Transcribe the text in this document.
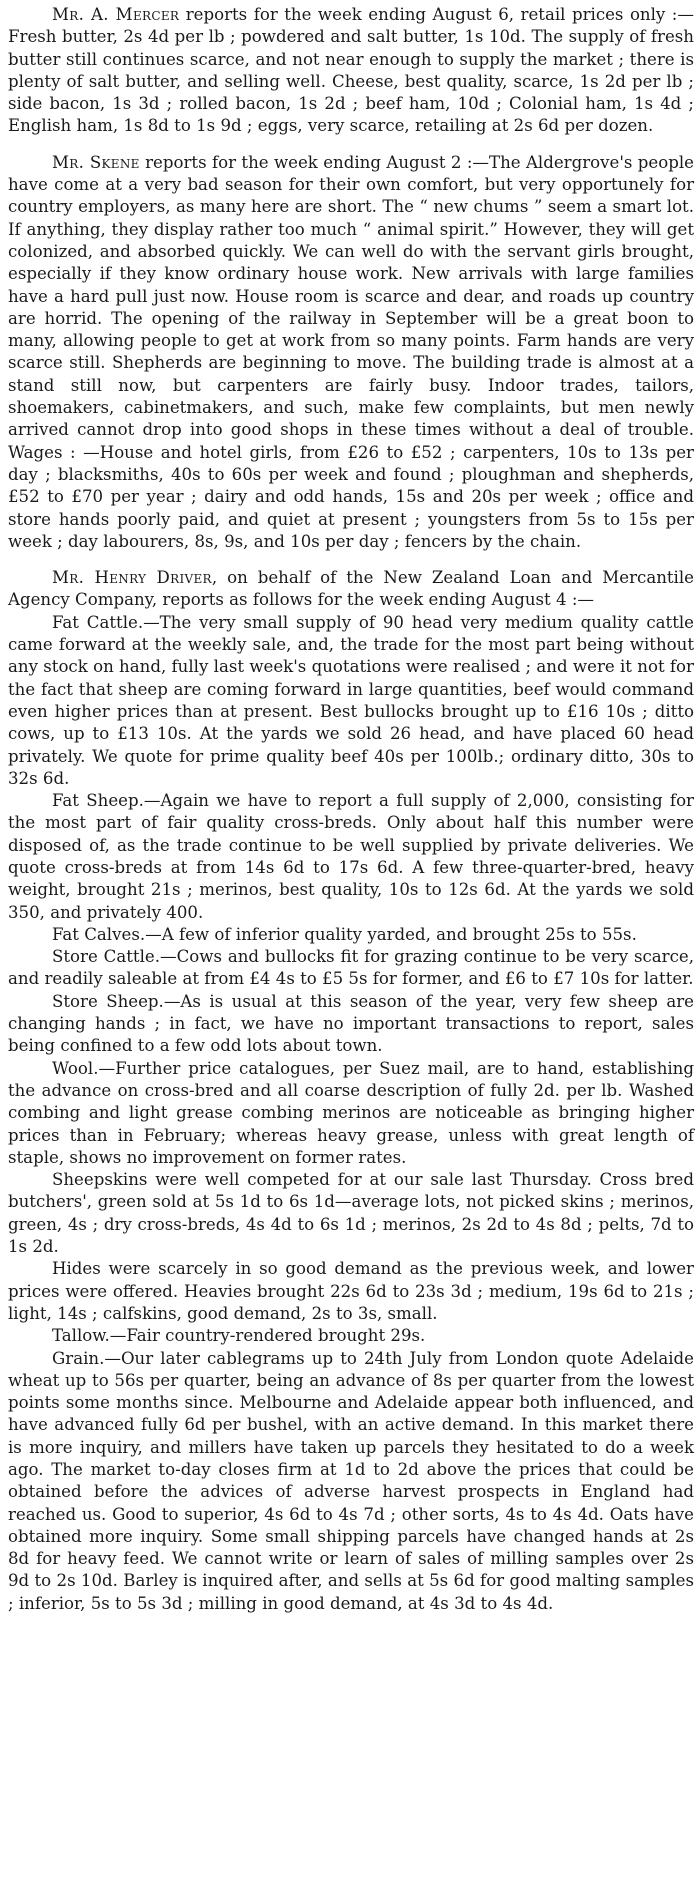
Mr. A. Mercer reports for the week ending August 6, retail prices only :—Fresh butter, 2s 4d per lb ; powdered and salt butter, 1s 10d. The supply of fresh butter still continues scarce, and not near enough to supply the market ; there is plenty of salt butter, and selling well. Cheese, best quality, scarce, 1s 2d per lb ; side bacon, 1s 3d ; rolled bacon, 1s 2d ; beef ham, 10d ; Colonial ham, 1s 4d ; English ham, 1s 8d to 1s 9d ; eggs, very scarce, retailing at 2s 6d per dozen.

Mr. Skene reports for the week ending August 2 :—The Aldergrove's people have come at a very bad season for their own comfort, but very opportunely for country employers, as many here are short. The “ new chums ” seem a smart lot. If anything, they display rather too much “ animal spirit.” However, they will get colonized, and absorbed quickly. We can well do with the servant girls brought, especially if they know ordinary house work. New arrivals with large families have a hard pull just now. House room is scarce and dear, and roads up country are horrid. The opening of the railway in September will be a great boon to many, allowing people to get at work from so many points. Farm hands are very scarce still. Shepherds are beginning to move. The building trade is almost at a stand still now, but carpenters are fairly busy. Indoor trades, tailors, shoemakers, cabinetmakers, and such, make few complaints, but men newly arrived cannot drop into good shops in these times without a deal of trouble. Wages : —House and hotel girls, from £26 to £52 ; carpenters, 10s to 13s per day ; blacksmiths, 40s to 60s per week and found ; ploughman and shepherds, £52 to £70 per year ; dairy and odd hands, 15s and 20s per week ; office and store hands poorly paid, and quiet at present ; youngsters from 5s to 15s per week ; day labourers, 8s, 9s, and 10s per day ; fencers by the chain.

Mr. Henry Driver, on behalf of the New Zealand Loan and Mercantile Agency Company, reports as follows for the week ending August 4 :—

Fat Cattle.—The very small supply of 90 head very medium quality cattle came forward at the weekly sale, and, the trade for the most part being without any stock on hand, fully last week's quotations were realised ; and were it not for the fact that sheep are coming forward in large quantities, beef would command even higher prices than at present. Best bullocks brought up to £16 10s ; ditto cows, up to £13 10s. At the yards we sold 26 head, and have placed 60 head privately. We quote for prime quality beef 40s per 100lb.; ordinary ditto, 30s to 32s 6d.

Fat Sheep.—Again we have to report a full supply of 2,000, consisting for the most part of fair quality cross-breds. Only about half this number were disposed of, as the trade continue to be well supplied by private deliveries. We quote cross-breds at from 14s 6d to 17s 6d. A few three-quarter-bred, heavy weight, brought 21s ; merinos, best quality, 10s to 12s 6d. At the yards we sold 350, and privately 400.

Fat Calves.—A few of inferior quality yarded, and brought 25s to 55s.

Store Cattle.—Cows and bullocks fit for grazing continue to be very scarce, and readily saleable at from £4 4s to £5 5s for former, and £6 to £7 10s for latter.

Store Sheep.—As is usual at this season of the year, very few sheep are changing hands ; in fact, we have no important transactions to report, sales being confined to a few odd lots about town.

Wool.—Further price catalogues, per Suez mail, are to hand, establishing the advance on cross-bred and all coarse description of fully 2d. per lb. Washed combing and light grease combing merinos are noticeable as bringing higher prices than in February; whereas heavy grease, unless with great length of staple, shows no improvement on former rates.

Sheepskins were well competed for at our sale last Thursday. Cross bred butchers', green sold at 5s 1d to 6s 1d—average lots, not picked skins ; merinos, green, 4s ; dry cross-breds, 4s 4d to 6s 1d ; merinos, 2s 2d to 4s 8d ; pelts, 7d to 1s 2d.

Hides were scarcely in so good demand as the previous week, and lower prices were offered. Heavies brought 22s 6d to 23s 3d ; medium, 19s 6d to 21s ; light, 14s ; calfskins, good demand, 2s to 3s, small.

Tallow.—Fair country-rendered brought 29s.

Grain.—Our later cablegrams up to 24th July from London quote Adelaide wheat up to 56s per quarter, being an advance of 8s per quarter from the lowest points some months since. Melbourne and Adelaide appear both influenced, and have advanced fully 6d per bushel, with an active demand. In this market there is more inquiry, and millers have taken up parcels they hesitated to do a week ago. The market to-day closes firm at 1d to 2d above the prices that could be obtained before the advices of adverse harvest prospects in England had reached us. Good to superior, 4s 6d to 4s 7d ; other sorts, 4s to 4s 4d. Oats have obtained more inquiry. Some small shipping parcels have changed hands at 2s 8d for heavy feed. We cannot write or learn of sales of milling samples over 2s 9d to 2s 10d. Barley is inquired after, and sells at 5s 6d for good malting samples ; inferior, 5s to 5s 3d ; milling in good demand, at 4s 3d to 4s 4d.
